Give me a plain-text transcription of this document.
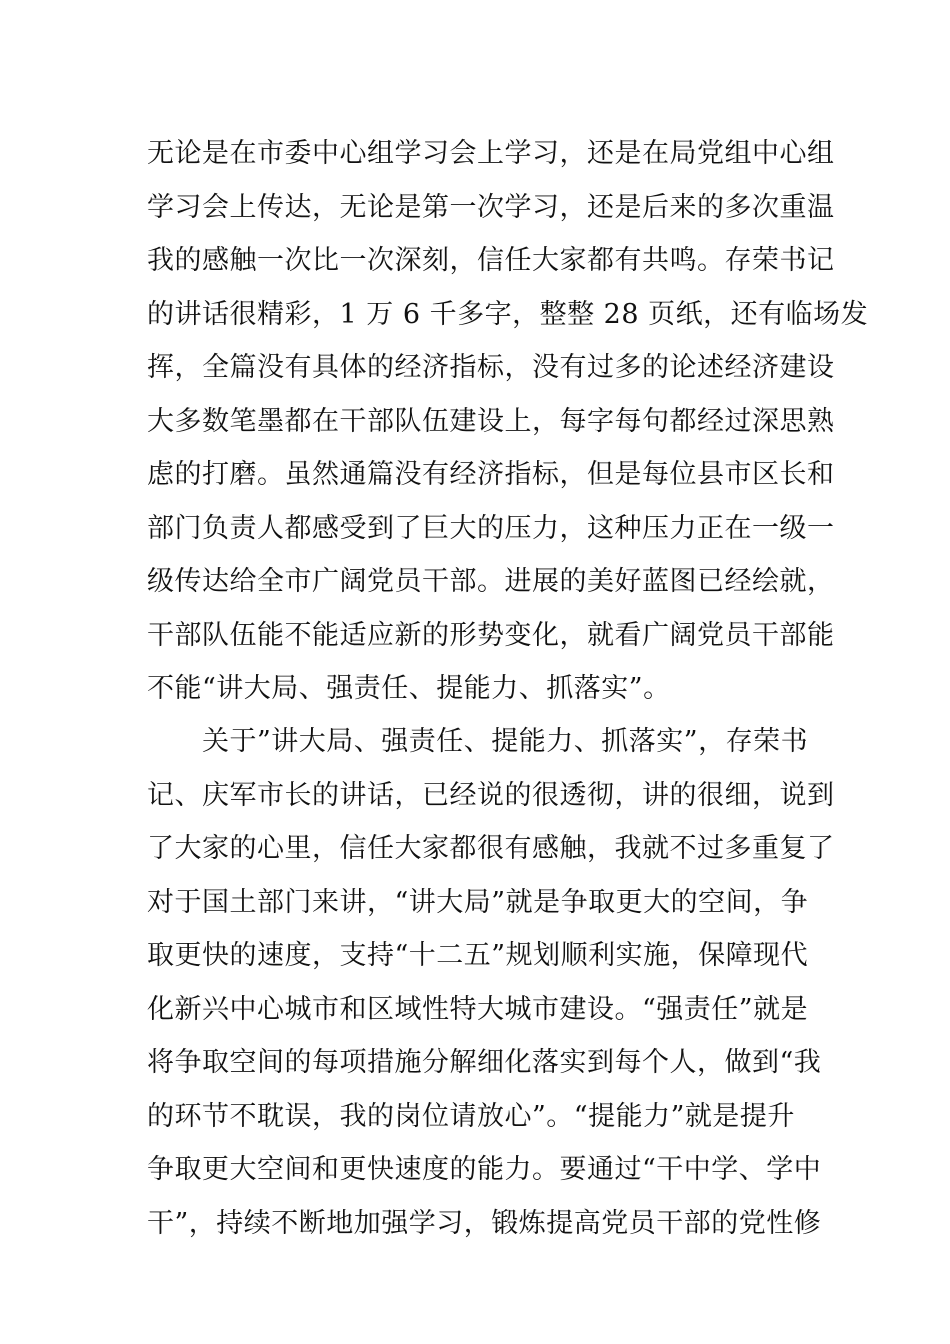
无论是在市委中心组学习会上学习，还是在局党组中心组
学习会上传达，无论是第一次学习，还是后来的多次重温
我的感触一次比一次深刻，信任大家都有共鸣。存荣书记
的讲话很精彩，1 万 6 千多字，整整 28 页纸，还有临场发
挥，全篇没有具体的经济指标，没有过多的论述经济建设
大多数笔墨都在干部队伍建设上，每字每句都经过深思熟
虑的打磨。虽然通篇没有经济指标，但是每位县市区长和
部门负责人都感受到了巨大的压力，这种压力正在一级一
级传达给全市广阔党员干部。进展的美好蓝图已经绘就，
干部队伍能不能适应新的形势变化，就看广阔党员干部能
不能“讲大局、强责任、提能力、抓落实”。
　　关于”讲大局、强责任、提能力、抓落实”，存荣书
记、庆军市长的讲话，已经说的很透彻，讲的很细，说到
了大家的心里，信任大家都很有感触，我就不过多重复了
对于国土部门来讲，“讲大局”就是争取更大的空间，争
取更快的速度，支持“十二五”规划顺利实施，保障现代
化新兴中心城市和区域性特大城市建设。“强责任”就是
将争取空间的每项措施分解细化落实到每个人，做到“我
的环节不耽误，我的岗位请放心”。“提能力”就是提升
争取更大空间和更快速度的能力。要通过“干中学、学中
干”，持续不断地加强学习，锻炼提高党员干部的党性修
